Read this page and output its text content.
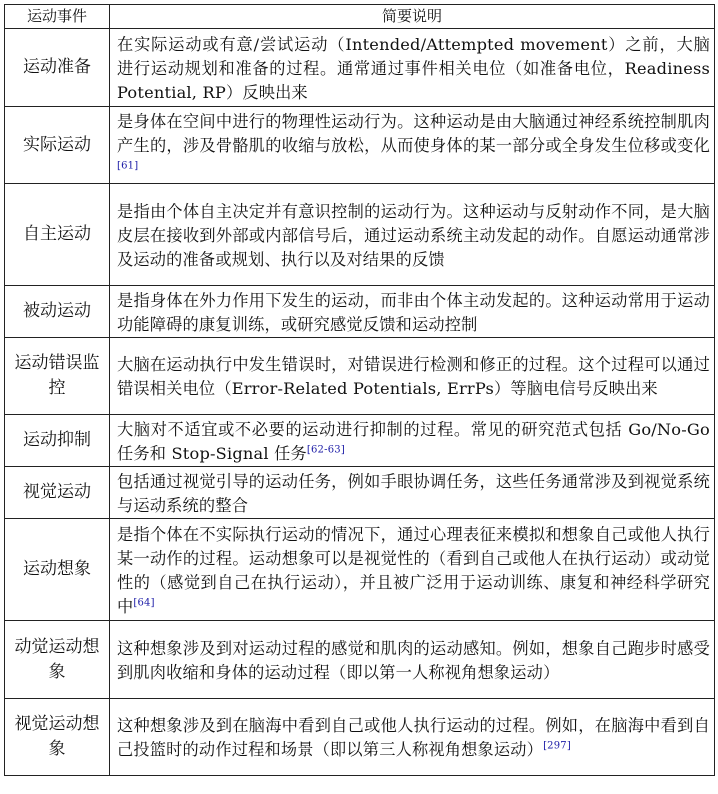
运动事件	简要说明
运动准备	在实际运动或有意/尝试运动（Intended/Attempted movement）之前，大脑进行运动规划和准备的过程。通常通过事件相关电位（如准备电位，Readiness Potential, RP）反映出来
实际运动	是身体在空间中进行的物理性运动行为。这种运动是由大脑通过神经系统控制肌肉产生的，涉及骨骼肌的收缩与放松，从而使身体的某一部分或全身发生位移或变化[61]
自主运动	是指由个体自主决定并有意识控制的运动行为。这种运动与反射动作不同，是大脑皮层在接收到外部或内部信号后，通过运动系统主动发起的动作。自愿运动通常涉及运动的准备或规划、执行以及对结果的反馈
被动运动	是指身体在外力作用下发生的运动，而非由个体主动发起的。这种运动常用于运动功能障碍的康复训练，或研究感觉反馈和运动控制
运动错误监控	大脑在运动执行中发生错误时，对错误进行检测和修正的过程。这个过程可以通过错误相关电位（Error-Related Potentials, ErrPs）等脑电信号反映出来
运动抑制	大脑对不适宜或不必要的运动进行抑制的过程。常见的研究范式包括 Go/No-Go 任务和 Stop-Signal 任务[62-63]
视觉运动	包括通过视觉引导的运动任务，例如手眼协调任务，这些任务通常涉及到视觉系统与运动系统的整合
运动想象	是指个体在不实际执行运动的情况下，通过心理表征来模拟和想象自己或他人执行某一动作的过程。运动想象可以是视觉性的（看到自己或他人在执行运动）或动觉性的（感觉到自己在执行运动），并且被广泛用于运动训练、康复和神经科学研究中[64]
动觉运动想象	这种想象涉及到对运动过程的感觉和肌肉的运动感知。例如，想象自己跑步时感受到肌肉收缩和身体的运动过程（即以第一人称视角想象运动）
视觉运动想象	这种想象涉及到在脑海中看到自己或他人执行运动的过程。例如，在脑海中看到自己投篮时的动作过程和场景（即以第三人称视角想象运动）[297]
